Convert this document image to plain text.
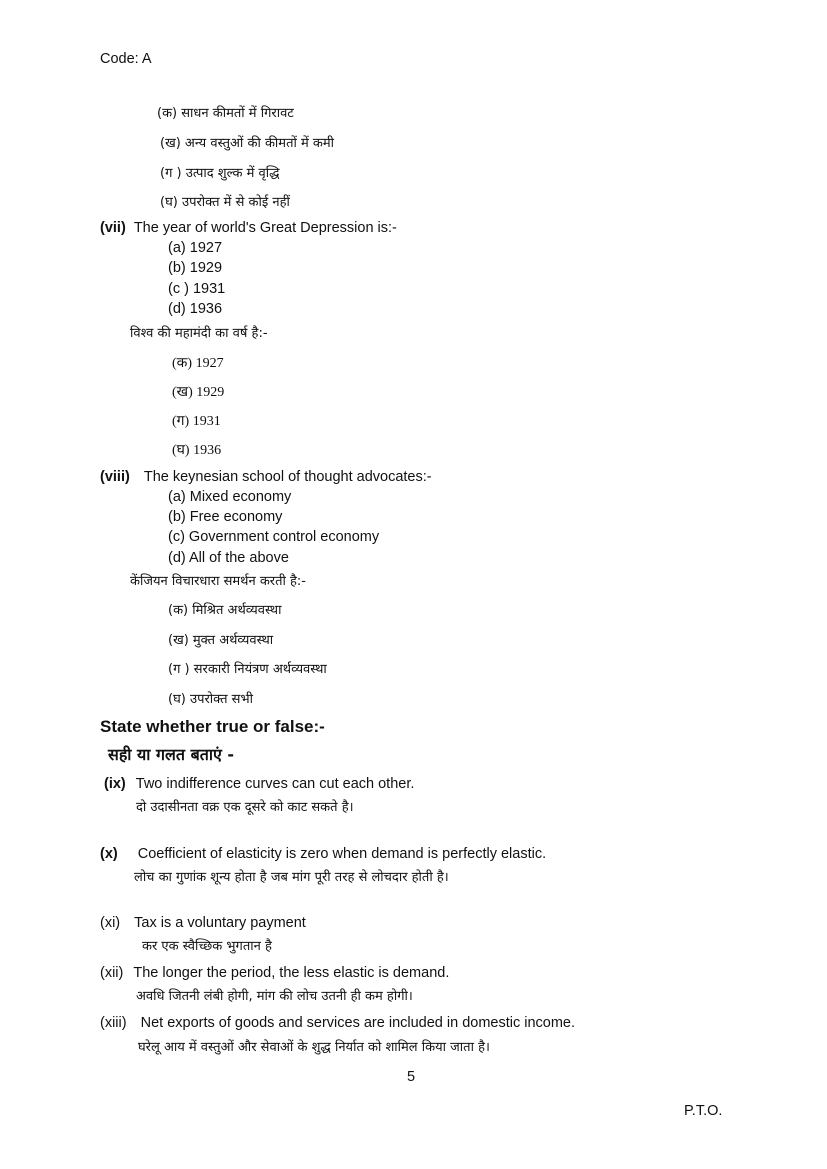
Code: A
(क) साधन कीमतों में गिरावट
(ख) अन्य वस्तुओं की कीमतों में कमी
(ग ) उत्पाद शुल्क में वृद्धि
(घ) उपरोक्त में से कोई नहीं
(vii) The year of world's Great Depression is:-
(a) 1927
(b) 1929
(c ) 1931
(d) 1936
विश्व की महामंदी का वर्ष है:-
(क) 1927
(ख) 1929
(ग) 1931
(घ) 1936
(viii) The keynesian school of thought advocates:-
(a) Mixed economy
(b) Free economy
(c) Government control economy
(d) All of the above
केंजियन विचारधारा समर्थन करती है:-
(क) मिश्रित अर्थव्यवस्था
(ख) मुक्त अर्थव्यवस्था
(ग ) सरकारी नियंत्रण अर्थव्यवस्था
(घ) उपरोक्त सभी
State whether true or false:-
सही या गलत बताएं -
(ix) Two indifference curves can cut each other.
दो उदासीनता वक्र एक दूसरे को काट सकते है।
(x) Coefficient of elasticity is zero when demand is perfectly elastic.
लोच का गुणांक शून्य होता है जब मांग पूरी तरह से लोचदार होती है।
(xi) Tax is a voluntary payment
कर एक स्वैच्छिक भुगतान है
(xii) The longer the period, the less elastic is demand.
अवधि जितनी लंबी होगी, मांग की लोच उतनी ही कम होगी।
(xiii) Net exports of goods and services are included in domestic income.
घरेलू आय में वस्तुओं और सेवाओं के शुद्ध निर्यात को शामिल किया जाता है।
5
P.T.O.
